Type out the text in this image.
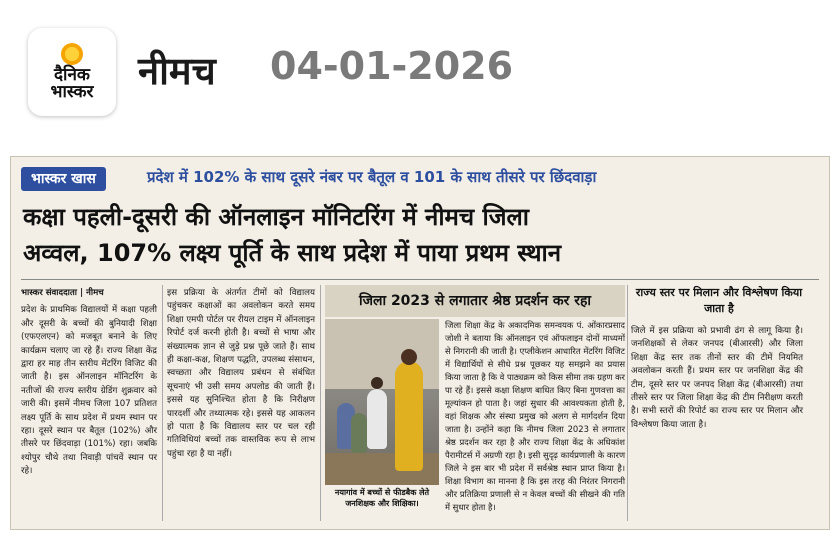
दैनिक
भास्कर नीमच 04-01-2026
भास्कर खास	प्रदेश में 102% के साथ दूसरे नंबर पर बैतूल व 101 के साथ तीसरे पर छिंदवाड़ा
कक्षा पहली-दूसरी की ऑनलाइन मॉनिटरिंग में नीमच जिला
अव्वल, 107% लक्ष्य पूर्ति के साथ प्रदेश में पाया प्रथम स्थान
भास्कर संवाददाता | नीमच
प्रदेश के प्राथमिक विद्यालयों में कक्षा पहली और दूसरी के बच्चों की बुनियादी शिक्षा (एफएलएन) को मजबूत बनाने के लिए कार्यक्रम चलाए जा रहे हैं। राज्य शिक्षा केंद्र द्वारा हर माह तीन स्तरीय मेंटरिंग विजिट की जाती है। इस ऑनलाइन मॉनिटरिंग के नतीजों की राज्य स्तरीय ग्रेडिंग शुक्रवार को जारी की। इसमें नीमच जिला 107 प्रतिशत लक्ष्य पूर्ति के साथ प्रदेश में प्रथम स्थान पर रहा। दूसरे स्थान पर बैतूल (102%) और तीसरे पर छिंदवाड़ा (101%) रहा। जबकि श्योपुर चौथे तथा निवाड़ी पांचवें स्थान पर रहे।
इस प्रक्रिया के अंतर्गत टीमों को विद्यालय पहुंचकर कक्षाओं का अवलोकन करते समय शिक्षा एमपी पोर्टल पर रीयल टाइम में ऑनलाइन रिपोर्ट दर्ज करनी होती है। बच्चों से भाषा और संख्यात्मक ज्ञान से जुड़े प्रश्न पूछे जाते हैं। साथ ही कक्षा-कक्ष, शिक्षण पद्धति, उपलब्ध संसाधन, स्वच्छता और विद्यालय प्रबंधन से संबंधित सूचनाएं भी उसी समय अपलोड की जाती हैं। इससे यह सुनिश्चित होता है कि निरीक्षण पारदर्शी और तथ्यात्मक रहे। इससे यह आकलन हो पाता है कि विद्यालय स्तर पर चल रही गतिविधियां बच्चों तक वास्तविक रूप से लाभ पहुंचा रहा है या नहीं।
जिला 2023 से लगातार श्रेष्ठ प्रदर्शन कर रहा
नयागांव में बच्चों से फीडबैक लेते जनशिक्षक और शिक्षिका।
जिला शिक्षा केंद्र के अकादमिक समन्वयक पं. ओंकारप्रसाद जोशी ने बताया कि ऑनलाइन एवं ऑफलाइन दोनों माध्यमों से निगरानी की जाती है। एप्लीकेशन आधारित मेंटरिंग विजिट में विद्यार्थियों से सीधे प्रश्न पूछकर यह समझने का प्रयास किया जाता है कि वे पाठ्यक्रम को किस सीमा तक ग्रहण कर पा रहे हैं। इससे कक्षा शिक्षण बाधित किए बिना गुणवत्ता का मूल्यांकन हो पाता है। जहां सुधार की आवश्यकता होती है, वहां शिक्षक और संस्था प्रमुख को अलग से मार्गदर्शन दिया जाता है। उन्होंने कहा कि नीमच जिला 2023 से लगातार श्रेष्ठ प्रदर्शन कर रहा है और राज्य शिक्षा केंद्र के अधिकांश पैरामीटर्स में अग्रणी रहा है। इसी सुदृढ़ कार्यप्रणाली के कारण जिले ने इस बार भी प्रदेश में सर्वश्रेष्ठ स्थान प्राप्त किया है। शिक्षा विभाग का मानना है कि इस तरह की निरंतर निगरानी और प्रतिक्रिया प्रणाली से न केवल बच्चों की सीखने की गति में सुधार होता है।
राज्य स्तर पर मिलान और विश्लेषण किया जाता है
जिले में इस प्रक्रिया को प्रभावी ढंग से लागू किया है। जनशिक्षकों से लेकर जनपद (बीआरसी) और जिला शिक्षा केंद्र स्तर तक तीनों स्तर की टीमें नियमित अवलोकन करती हैं। प्रथम स्तर पर जनशिक्षा केंद्र की टीम, दूसरे स्तर पर जनपद शिक्षा केंद्र (बीआरसी) तथा तीसरे स्तर पर जिला शिक्षा केंद्र की टीम निरीक्षण करती है। सभी स्तरों की रिपोर्ट का राज्य स्तर पर मिलान और विश्लेषण किया जाता है।
